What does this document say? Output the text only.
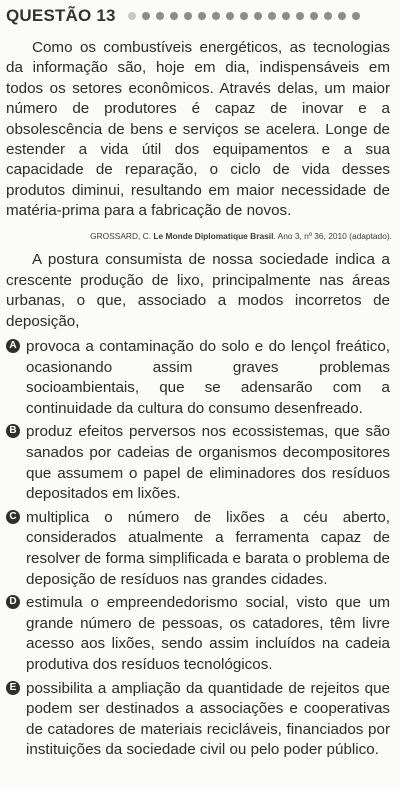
QUESTÃO 13

Como os combustíveis energéticos, as tecnologias da informação são, hoje em dia, indispensáveis em todos os setores econômicos. Através delas, um maior número de produtores é capaz de inovar e a obsolescência de bens e serviços se acelera. Longe de estender a vida útil dos equipamentos e a sua capacidade de reparação, o ciclo de vida desses produtos diminui, resultando em maior necessidade de matéria-prima para a fabricação de novos.

GROSSARD, C. Le Monde Diplomatique Brasil. Ano 3, nº 36, 2010 (adaptado).

A postura consumista de nossa sociedade indica a crescente produção de lixo, principalmente nas áreas urbanas, o que, associado a modos incorretos de deposição,

A provoca a contaminação do solo e do lençol freático, ocasionando assim graves problemas socioambientais, que se adensarão com a continuidade da cultura do consumo desenfreado.
B produz efeitos perversos nos ecossistemas, que são sanados por cadeias de organismos decompositores que assumem o papel de eliminadores dos resíduos depositados em lixões.
C multiplica o número de lixões a céu aberto, considerados atualmente a ferramenta capaz de resolver de forma simplificada e barata o problema de deposição de resíduos nas grandes cidades.
D estimula o empreendedorismo social, visto que um grande número de pessoas, os catadores, têm livre acesso aos lixões, sendo assim incluídos na cadeia produtiva dos resíduos tecnológicos.
E possibilita a ampliação da quantidade de rejeitos que podem ser destinados a associações e cooperativas de catadores de materiais recicláveis, financiados por instituições da sociedade civil ou pelo poder público.
